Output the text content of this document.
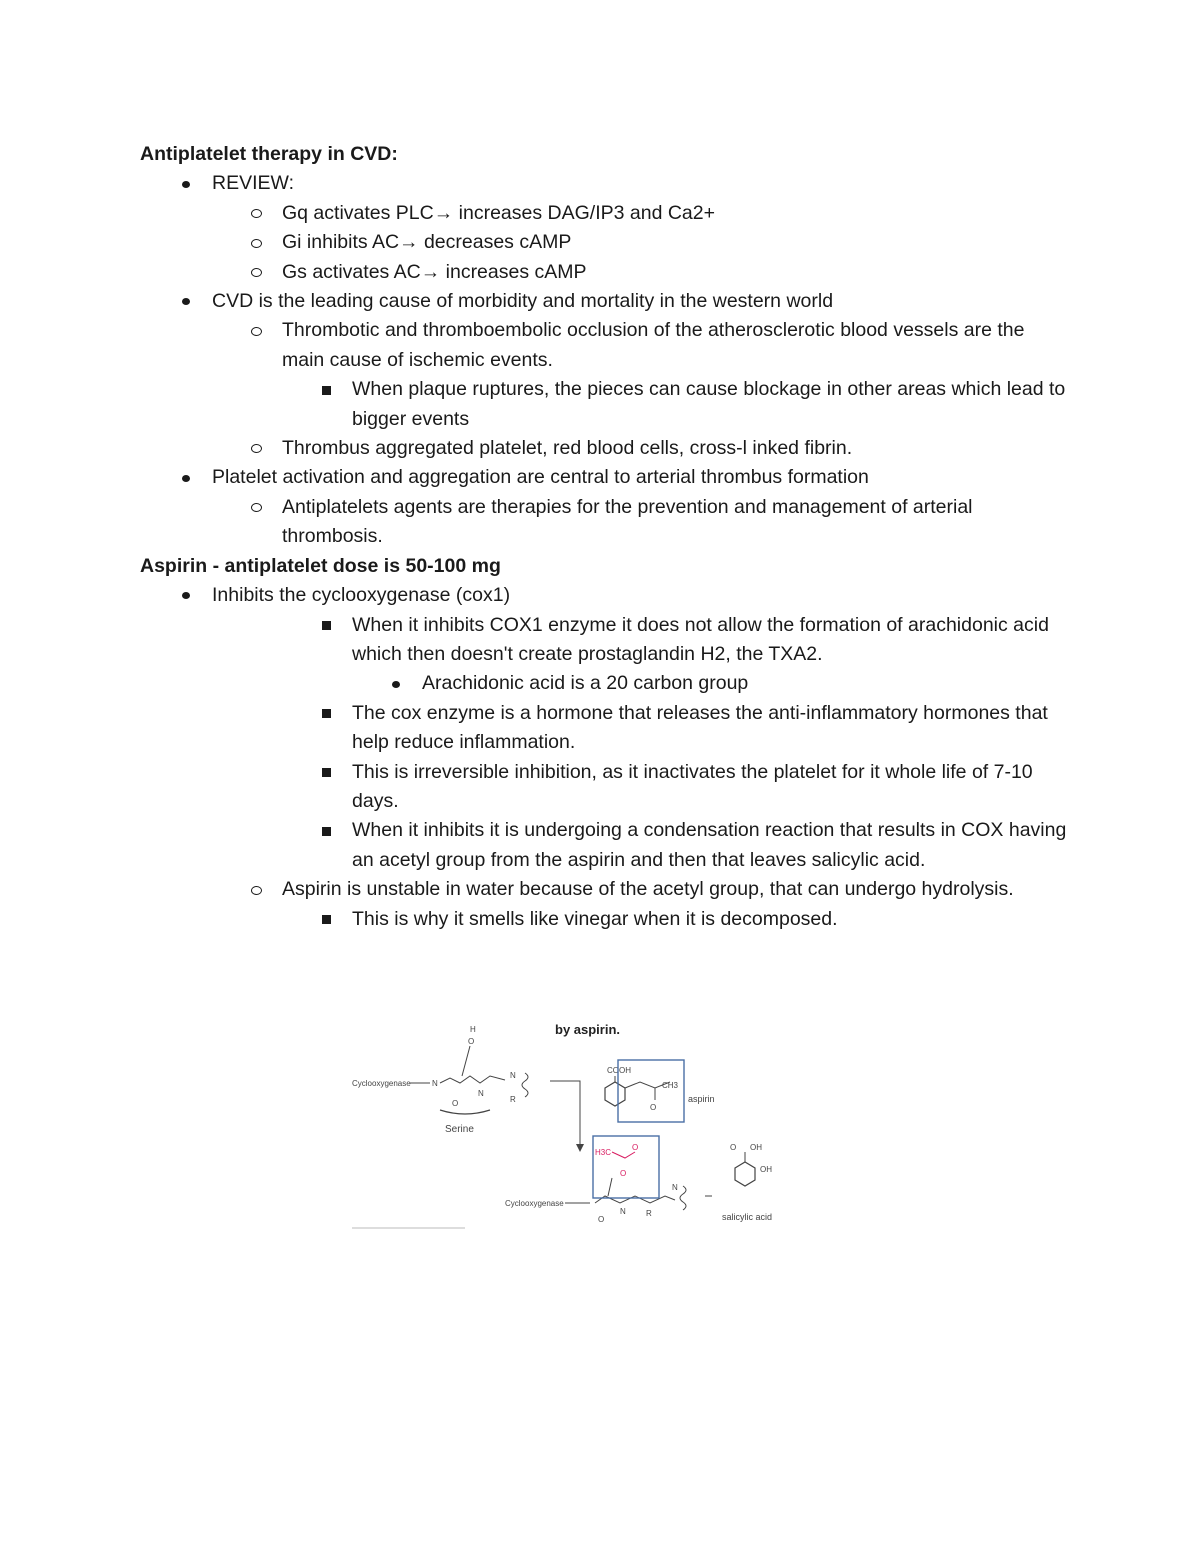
Antiplatelet therapy in CVD:
REVIEW:
Gq activates PLC→ increases DAG/IP3 and Ca2+
Gi inhibits AC→ decreases cAMP
Gs activates AC→ increases cAMP
CVD is the leading cause of morbidity and mortality in the western world
Thrombotic and thromboembolic occlusion of the atherosclerotic blood vessels are the main cause of ischemic events.
When plaque ruptures, the pieces can cause blockage in other areas which lead to bigger events
Thrombus aggregated platelet, red blood cells, cross-l inked fibrin.
Platelet activation and aggregation are central to arterial thrombus formation
Antiplatelets agents are therapies for the prevention and management of arterial thrombosis.
Aspirin - antiplatelet dose is 50-100 mg
Inhibits the cyclooxygenase (cox1)
When it inhibits COX1 enzyme it does not allow the formation of arachidonic acid which then doesn't create prostaglandin H2, the TXA2.
Arachidonic acid is a 20 carbon group
The cox enzyme is a hormone that releases the anti-inflammatory hormones that help reduce inflammation.
This is irreversible inhibition, as it inactivates the platelet for it whole life of 7-10 days.
When it inhibits it is undergoing a condensation reaction that results in COX having an acetyl group from the aspirin and then that leaves salicylic acid.
Aspirin is unstable in water because of the acetyl group, that can undergo hydrolysis.
This is why it smells like vinegar when it is decomposed.
by aspirin.
Cyclooxygenase	N
O
H
O
N
N
R
Serine
COOH
O
CH3
aspirin
Cyclooxygenase
H3C
O
O
O
N	R
N
O OH
OH
salicylic acid
